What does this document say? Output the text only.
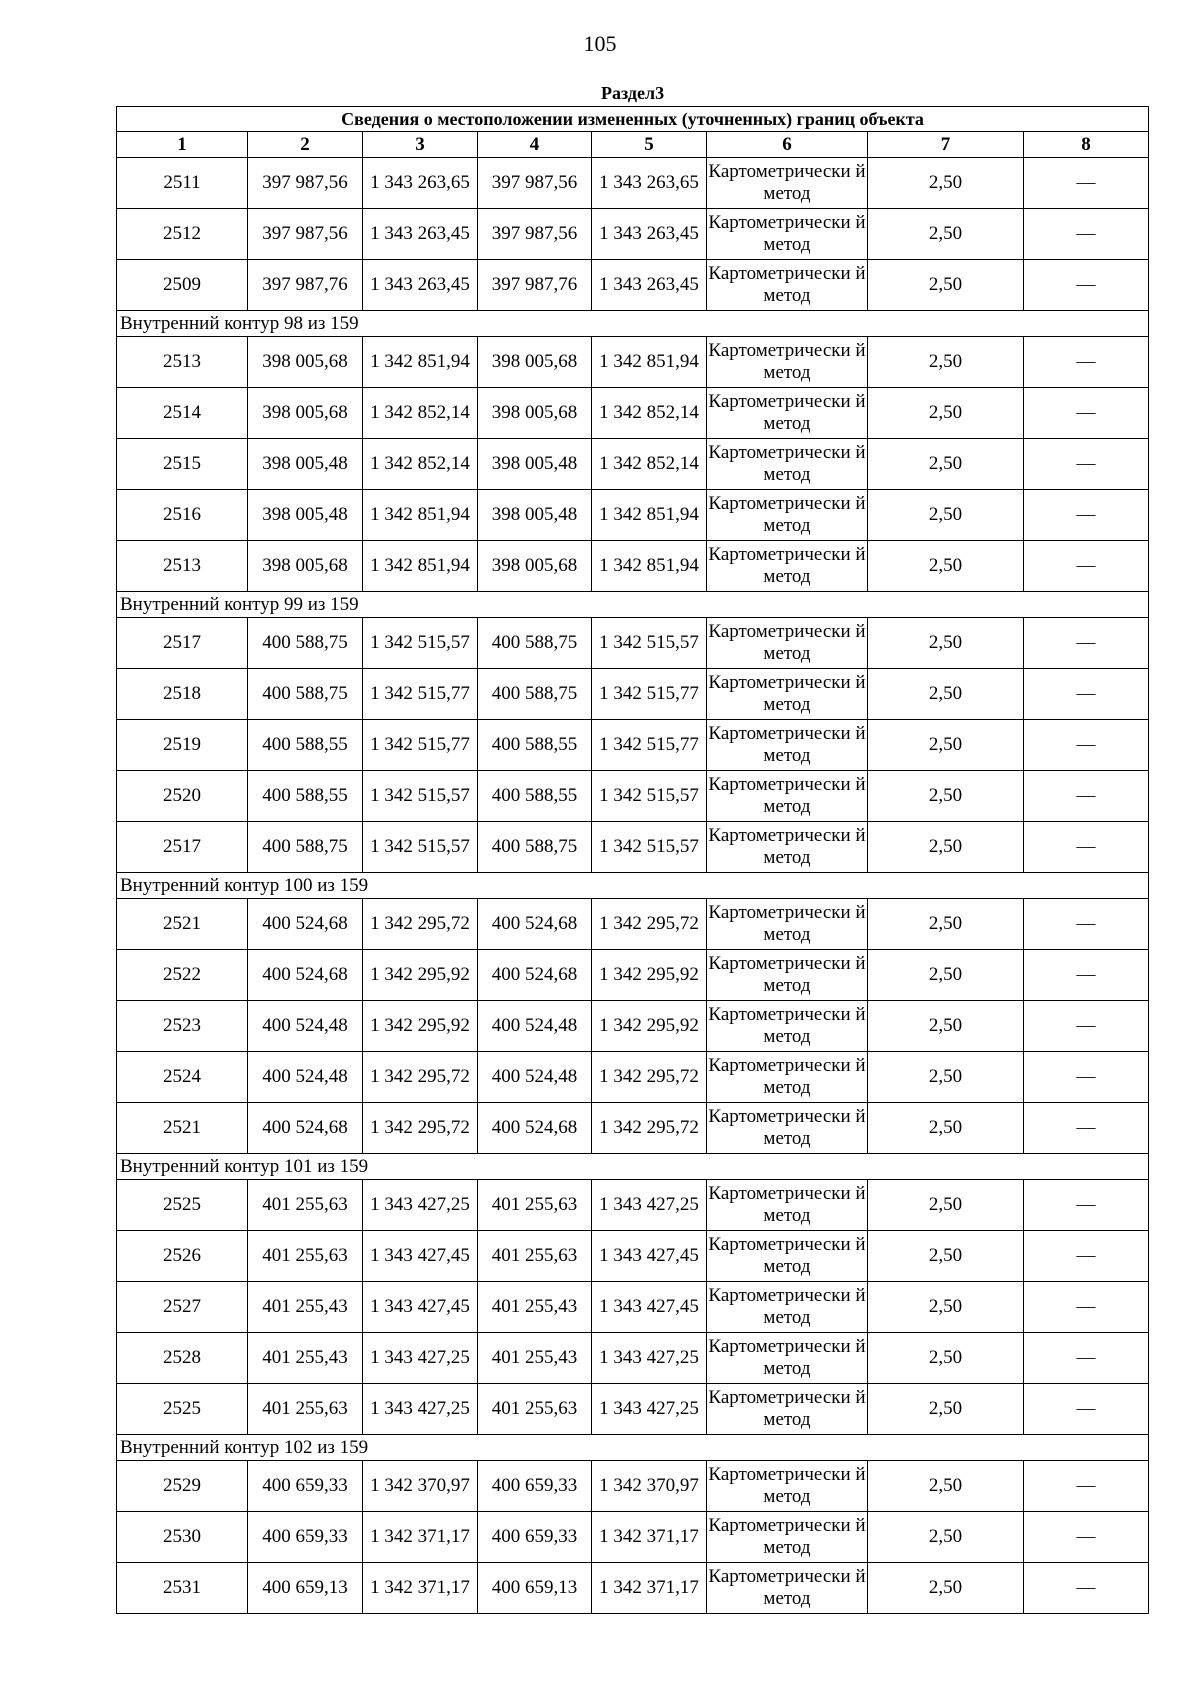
105
Раздел3							
Сведения о местоположении измененных (уточненных) границ объекта							
1	2	3	4	5	6	7	8
2511	397 987,56	1 343 263,65	397 987,56	1 343 263,65	Картометрически й метод	2,50	—
2512	397 987,56	1 343 263,45	397 987,56	1 343 263,45	Картометрически й метод	2,50	—
2509	397 987,76	1 343 263,45	397 987,76	1 343 263,45	Картометрически й метод	2,50	—
Внутренний контур 98 из 159							
2513	398 005,68	1 342 851,94	398 005,68	1 342 851,94	Картометрически й метод	2,50	—
2514	398 005,68	1 342 852,14	398 005,68	1 342 852,14	Картометрически й метод	2,50	—
2515	398 005,48	1 342 852,14	398 005,48	1 342 852,14	Картометрически й метод	2,50	—
2516	398 005,48	1 342 851,94	398 005,48	1 342 851,94	Картометрически й метод	2,50	—
2513	398 005,68	1 342 851,94	398 005,68	1 342 851,94	Картометрически й метод	2,50	—
Внутренний контур 99 из 159							
2517	400 588,75	1 342 515,57	400 588,75	1 342 515,57	Картометрически й метод	2,50	—
2518	400 588,75	1 342 515,77	400 588,75	1 342 515,77	Картометрически й метод	2,50	—
2519	400 588,55	1 342 515,77	400 588,55	1 342 515,77	Картометрически й метод	2,50	—
2520	400 588,55	1 342 515,57	400 588,55	1 342 515,57	Картометрически й метод	2,50	—
2517	400 588,75	1 342 515,57	400 588,75	1 342 515,57	Картометрически й метод	2,50	—
Внутренний контур 100 из 159							
2521	400 524,68	1 342 295,72	400 524,68	1 342 295,72	Картометрически й метод	2,50	—
2522	400 524,68	1 342 295,92	400 524,68	1 342 295,92	Картометрически й метод	2,50	—
2523	400 524,48	1 342 295,92	400 524,48	1 342 295,92	Картометрически й метод	2,50	—
2524	400 524,48	1 342 295,72	400 524,48	1 342 295,72	Картометрически й метод	2,50	—
2521	400 524,68	1 342 295,72	400 524,68	1 342 295,72	Картометрически й метод	2,50	—
Внутренний контур 101 из 159							
2525	401 255,63	1 343 427,25	401 255,63	1 343 427,25	Картометрически й метод	2,50	—
2526	401 255,63	1 343 427,45	401 255,63	1 343 427,45	Картометрически й метод	2,50	—
2527	401 255,43	1 343 427,45	401 255,43	1 343 427,45	Картометрически й метод	2,50	—
2528	401 255,43	1 343 427,25	401 255,43	1 343 427,25	Картометрически й метод	2,50	—
2525	401 255,63	1 343 427,25	401 255,63	1 343 427,25	Картометрически й метод	2,50	—
Внутренний контур 102 из 159							
2529	400 659,33	1 342 370,97	400 659,33	1 342 370,97	Картометрически й метод	2,50	—
2530	400 659,33	1 342 371,17	400 659,33	1 342 371,17	Картометрически й метод	2,50	—
2531	400 659,13	1 342 371,17	400 659,13	1 342 371,17	Картометрически й метод	2,50	—
